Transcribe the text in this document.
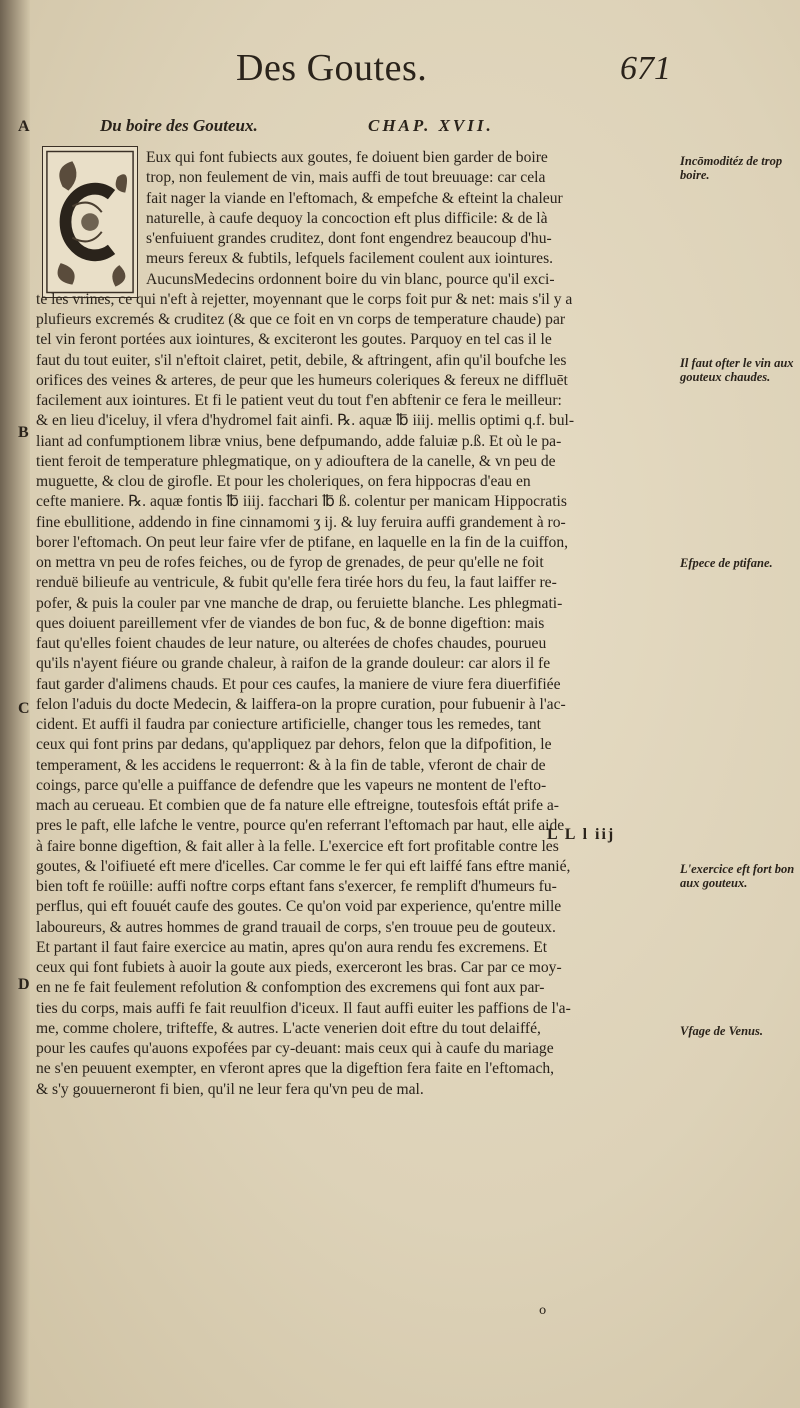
Des Goutes.	671
Du boire des Gouteux.	CHAP. XVII.
A
B
C
D
Eux qui font fubiects aux goutes, fe doiuent bien garder de boire
trop, non feulement de vin, mais auffi de tout breuuage: car cela
fait nager la viande en l'eftomach, & empefche & efteint la chaleur
naturelle, à caufe dequoy la concoction eft plus difficile: & de là
s'enfuiuent grandes cruditez, dont font engendrez beaucoup d'hu-
meurs fereux & fubtils, lefquels facilement coulent aux iointures.
AucunsMedecins ordonnent boire du vin blanc, pource qu'il exci-
te les vrines, ce qui n'eft à rejetter, moyennant que le corps foit pur & net: mais s'il y a
plufieurs excremés & cruditez (& que ce foit en vn corps de temperature chaude) par
tel vin feront portées aux iointures, & exciteront les goutes. Parquoy en tel cas il le
faut du tout euiter, s'il n'eftoit clairet, petit, debile, & aftringent, afin qu'il boufche les
orifices des veines & arteres, de peur que les humeurs coleriques & fereux ne diffluēt
facilement aux iointures. Et fi le patient veut du tout f'en abftenir ce fera le meilleur:
& en lieu d'iceluy, il vfera d'hydromel fait ainfi. ℞. aquæ ℔ iiij. mellis optimi q.f. bul-
liant ad confumptionem libræ vnius, bene defpumando, adde faluiæ p.ß. Et où le pa-
tient feroit de temperature phlegmatique, on y adiouftera de la canelle, & vn peu de
muguette, & clou de girofle. Et pour les choleriques, on fera hippocras d'eau en
cefte maniere. ℞. aquæ fontis ℔ iiij. facchari ℔ ß. colentur per manicam Hippocratis
fine ebullitione, addendo in fine cinnamomi ʒ ij. & luy feruira auffi grandement à ro-
borer l'eftomach. On peut leur faire vfer de ptifane, en laquelle en la fin de la cuiffon,
on mettra vn peu de rofes feiches, ou de fyrop de grenades, de peur qu'elle ne foit
renduë bilieufe au ventricule, & fubit qu'elle fera tirée hors du feu, la faut laiffer re-
pofer, & puis la couler par vne manche de drap, ou feruiette blanche. Les phlegmati-
ques doiuent pareillement vfer de viandes de bon fuc, & de bonne digeftion: mais
faut qu'elles foient chaudes de leur nature, ou alterées de chofes chaudes, pourueu
qu'ils n'ayent fiéure ou grande chaleur, à raifon de la grande douleur: car alors il fe
faut garder d'alimens chauds. Et pour ces caufes, la maniere de viure fera diuerfifiée
felon l'aduis du docte Medecin, & laiffera-on la propre curation, pour fubuenir à l'ac-
cident. Et auffi il faudra par coniecture artificielle, changer tous les remedes, tant
ceux qui font prins par dedans, qu'appliquez par dehors, felon que la difpofition, le
temperament, & les accidens le requerront: & à la fin de table, vferont de chair de
coings, parce qu'elle a puiffance de defendre que les vapeurs ne montent de l'efto-
mach au cerueau. Et combien que de fa nature elle eftreigne, toutesfois eftát prife a-
pres le paft, elle lafche le ventre, pource qu'en referrant l'eftomach par haut, elle aide
à faire bonne digeftion, & fait aller à la felle. L'exercice eft fort profitable contre les
goutes, & l'oifiueté eft mere d'icelles. Car comme le fer qui eft laiffé fans eftre manié,
bien toft fe roüille: auffi noftre corps eftant fans s'exercer, fe remplift d'humeurs fu-
perflus, qui eft fouuét caufe des goutes. Ce qu'on void par experience, qu'entre mille
laboureurs, & autres hommes de grand trauail de corps, s'en trouue peu de gouteux.
Et partant il faut faire exercice au matin, apres qu'on aura rendu fes excremens. Et
ceux qui font fubiets à auoir la goute aux pieds, exerceront les bras. Car par ce moy-
en ne fe fait feulement refolution & confomption des excremens qui font aux par-
ties du corps, mais auffi fe fait reuulfion d'iceux. Il faut auffi euiter les paffions de l'a-
me, comme cholere, trifteffe, & autres. L'acte venerien doit eftre du tout delaiffé,
pour les caufes qu'auons expofées par cy-deuant: mais ceux qui à caufe du mariage
ne s'en peuuent exempter, en vferont apres que la digeftion fera faite en l'eftomach,
& s'y gouuerneront fi bien, qu'il ne leur fera qu'vn peu de mal.
Incōmoditéz de trop boire.
Il faut ofter le vin aux gouteux chaudes.
Efpece de ptifane.
L'exercice eft fort bon aux gouteux.
Vfage de Venus.
L L l iij
o
